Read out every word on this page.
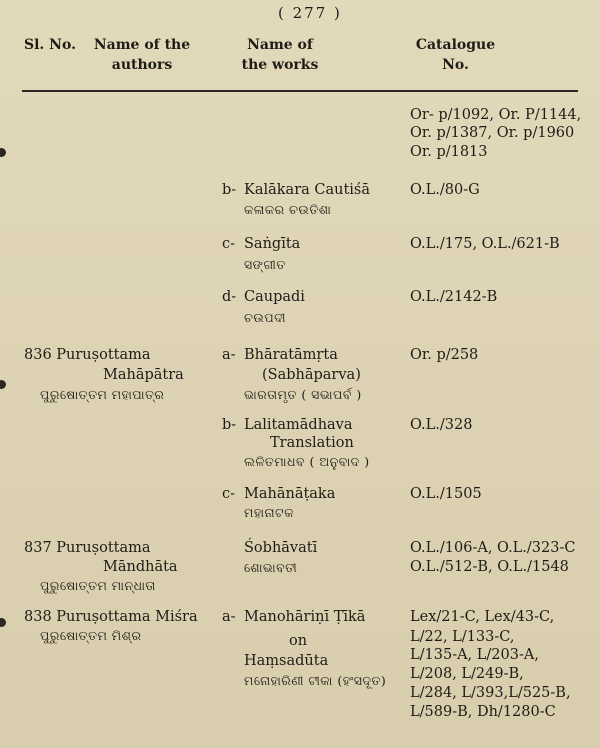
( 277 )
Sl. No. Name of the
authors
Name of
the works
Catalogue
No.
Or- p/1092, Or. P/1144,
Or. p/1387, Or. p/1960
Or. p/1813
b- Kalākara Cautiśā
କଳାକର ଚଉତିଶା
O.L./80-G
c- Saṅgīta
ସଙ୍ଗୀତ
O.L./175, O.L./621-B
d- Caupadi
ଚଉପଦୀ
O.L./2142-B
836 Puruṣottama
Mahāpātra
ପୁରୁଷୋତ୍ତମ ମହାପାତ୍ର
a- Bhāratāmṛta
(Sabhāparva)
ଭାରତାମୃତ ( ସଭାପର୍ବ )
Or. p/258
b- Lalitamādhava
Translation
ଲଳିତମାଧବ ( ଅନୁବାଦ )
O.L./328
c- Mahānāṭaka
ମହାନାଟକ
O.L./1505
837 Puruṣottama
Māndhāta
ପୁରୁଷୋତ୍ତମ ମାନ୍ଧାତା
Śobhāvatī
ଶୋଭାବତୀ
O.L./106-A, O.L./323-C
O.L./512-B, O.L./1548
838 Puruṣottama Miśra
ପୁରୁଷୋତ୍ତମ ମିଶ୍ର
a- Manohāriṇī Ṭīkā
on
Haṃsadūta
ମନୋହାରିଣୀ ଟୀକା (ହଂସଦୂତ)
Lex/21-C, Lex/43-C,
L/22, L/133-C,
L/135-A, L/203-A,
L/208, L/249-B,
L/284, L/393,L/525-B,
L/589-B, Dh/1280-C
